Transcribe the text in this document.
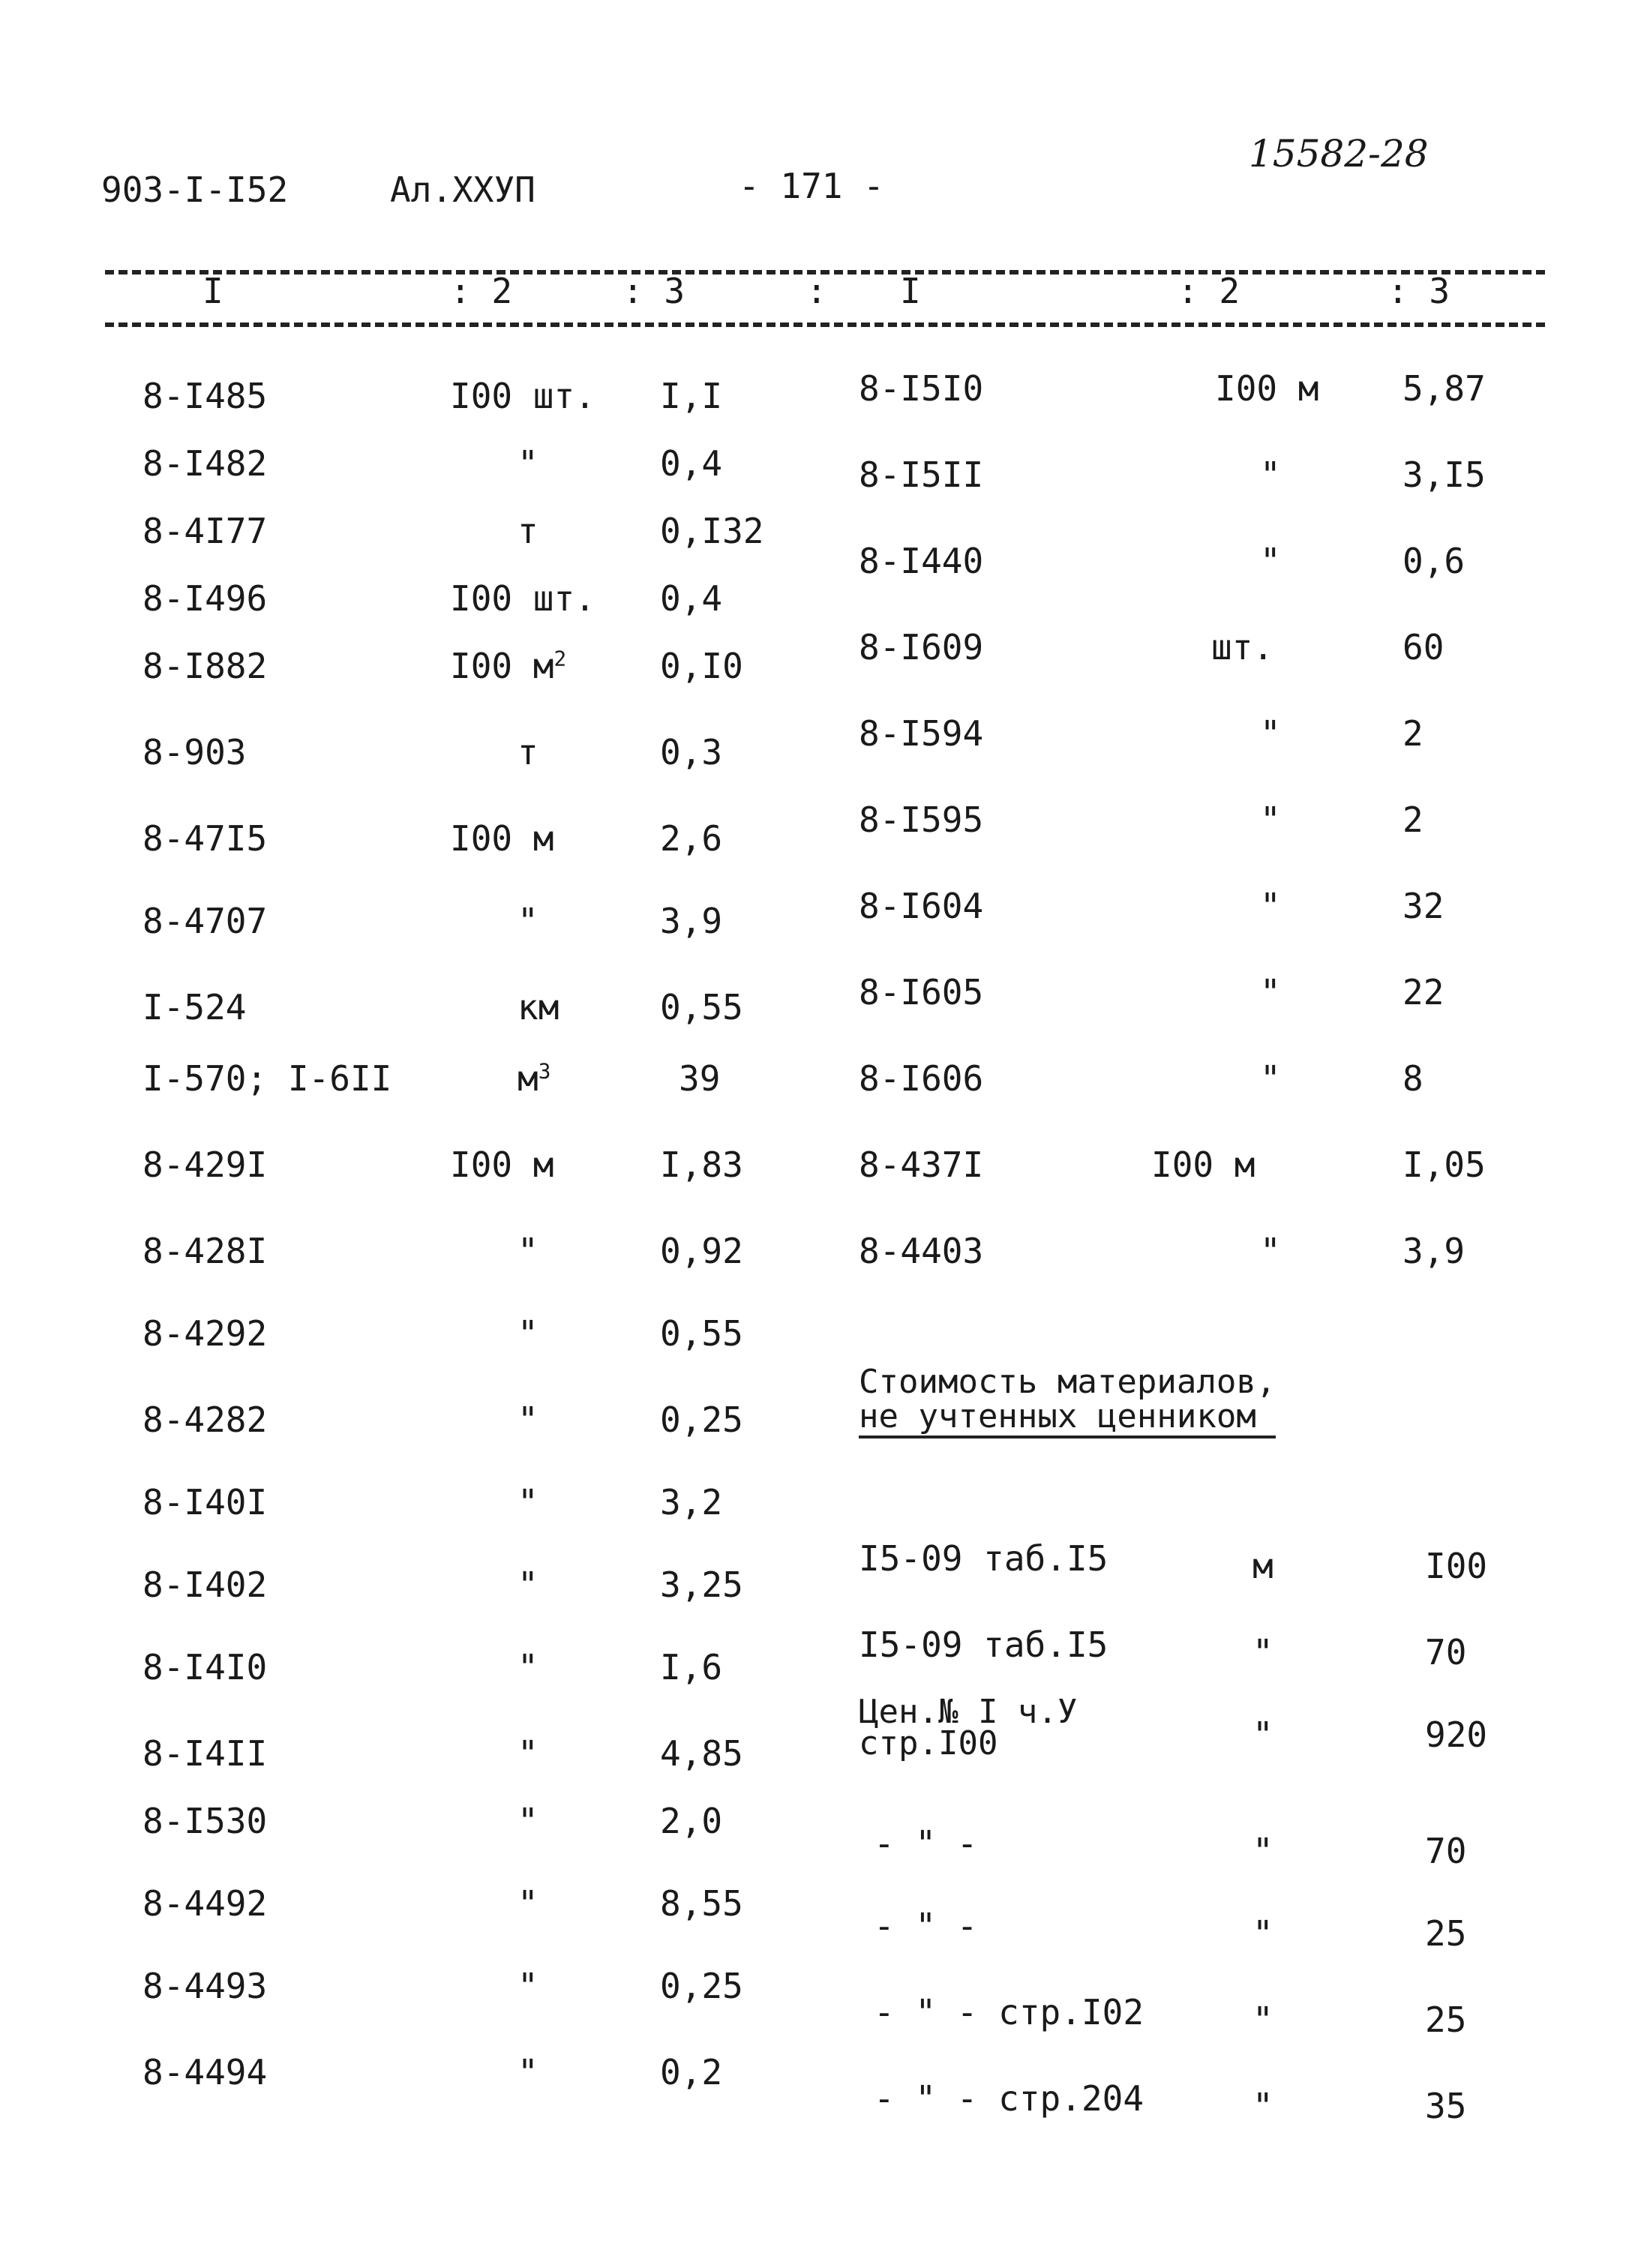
903-I-I52	Ал.XXУП	- 171 -
15582-28
I	: 2	: 3	: I	: 2	: 3
8-I485	I00 шт. I,I
8-I482	"	0,4
8-4I77	т	0,I32
8-I496	I00 шт. 0,4
8-I882	I00 $м^2$	0,I0
8-903	т	0,3
8-47I5	I00 м	2,6
8-4707	"	3,9
I-524	км	0,55
I-570; I-6II	$м^3$	39
8-429I	I00 м	I,83
8-428I	"	0,92
8-4292	"	0,55
8-4282	"	0,25
8-I40I	"	3,2
8-I402	"	3,25
8-I4I0	"	I,6
8-I4II	"	4,85
8-I530	"	2,0
8-4492	"	8,55
8-4493	"	0,25
8-4494	"	0,2
8-I5I0	I00 м 5,87
8-I5II	"	3,I5
8-I440	"	0,6
8-I609	шт.	60
8-I594	"	2
8-I595	"	2
8-I604	"	32
8-I605	"	22
8-I606	"	8
8-437I	I00 м	I,05
8-4403	"	3,9
Стоимость материалов,
не учтенных ценником
I5-09 таб.I5	м	I00
I5-09 таб.I5	"	70
Цен.№ I ч.У
стр.I00	"	920
- " -	"	70
- " -	"	25
- " - стр.I02	"	25
- " - стр.204	"	35
